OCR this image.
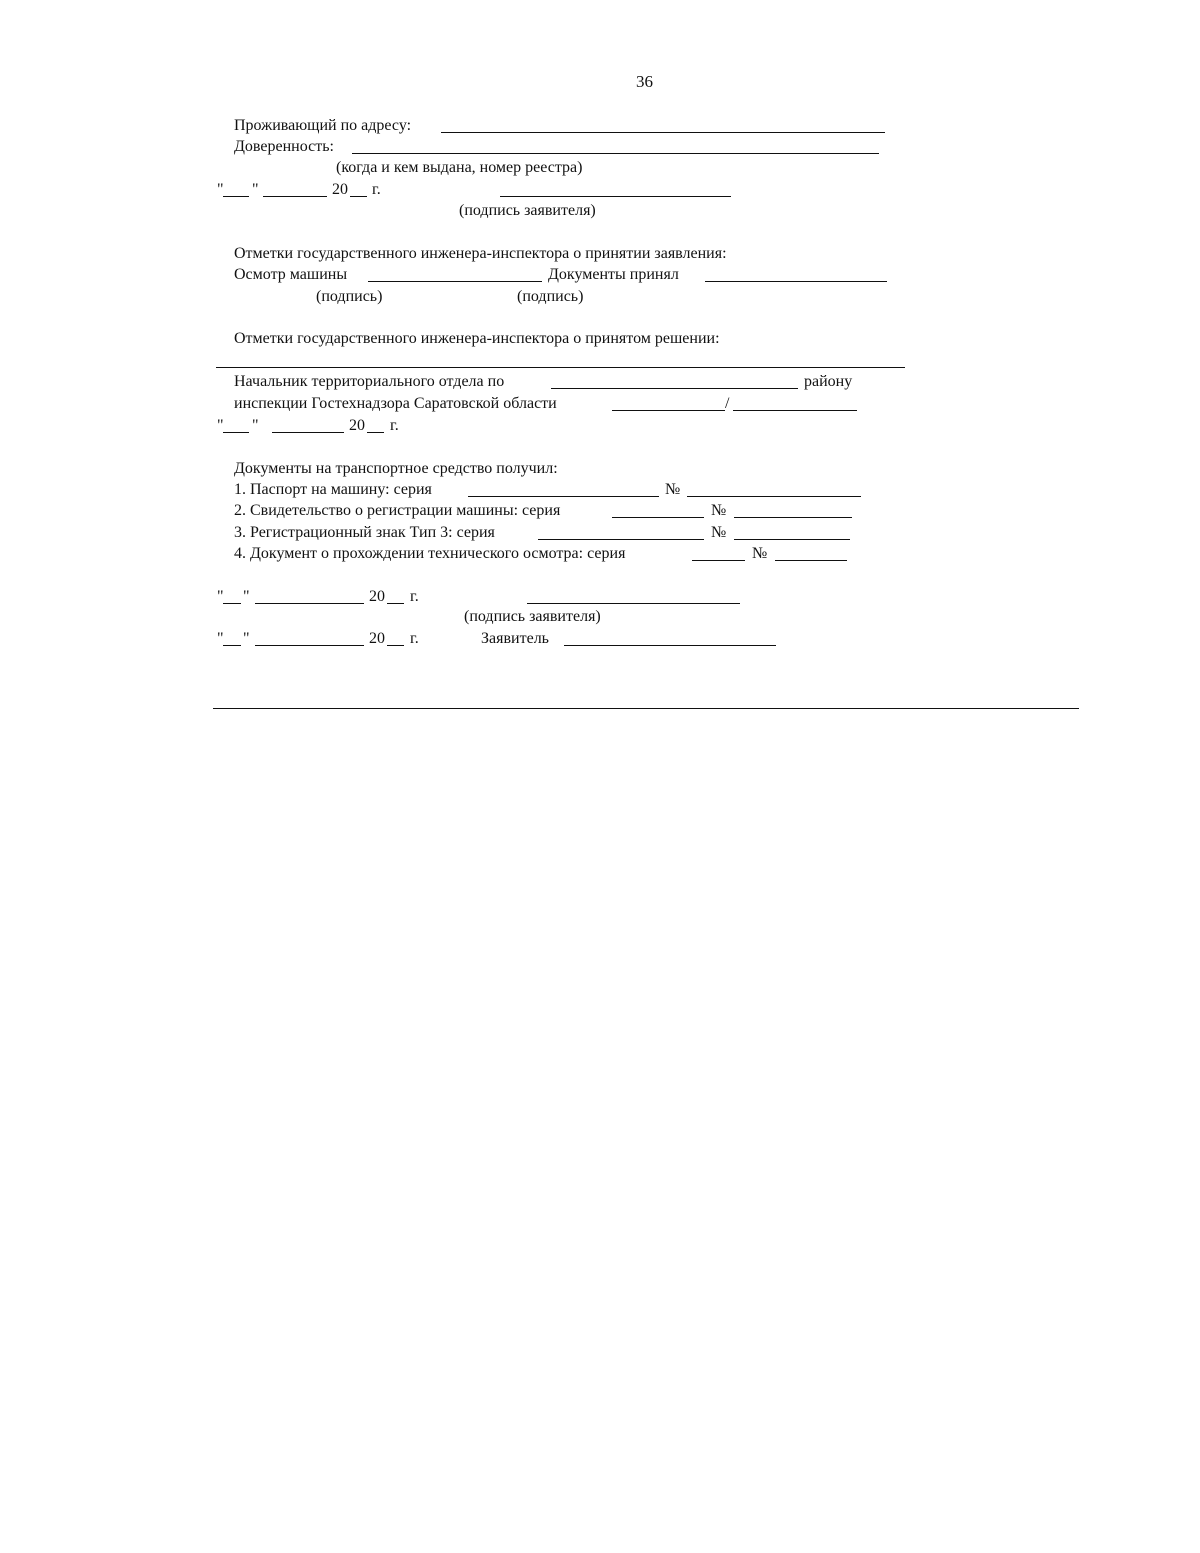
36
Проживающий по адресу:
Доверенность:
(когда и кем выдана, номер реестра)
" "	20 г.
(подпись заявителя)
Отметки государственного инженера-инспектора о принятии заявления:
Осмотр машины	Документы принял
(подпись)	(подпись)
Отметки государственного инженера-инспектора о принятом решении:
Начальник территориального отдела по	району
инспекции Гостехнадзора Саратовской области	/
" "	20 г.
Документы на транспортное средство получил:
1. Паспорт на машину: серия	№
2. Свидетельство о регистрации машины: серия	№
3. Регистрационный знак Тип 3: серия	№
4. Документ о прохождении технического осмотра: серия	№
" "	20 г.
(подпись заявителя)
" "	20 г.	Заявитель
